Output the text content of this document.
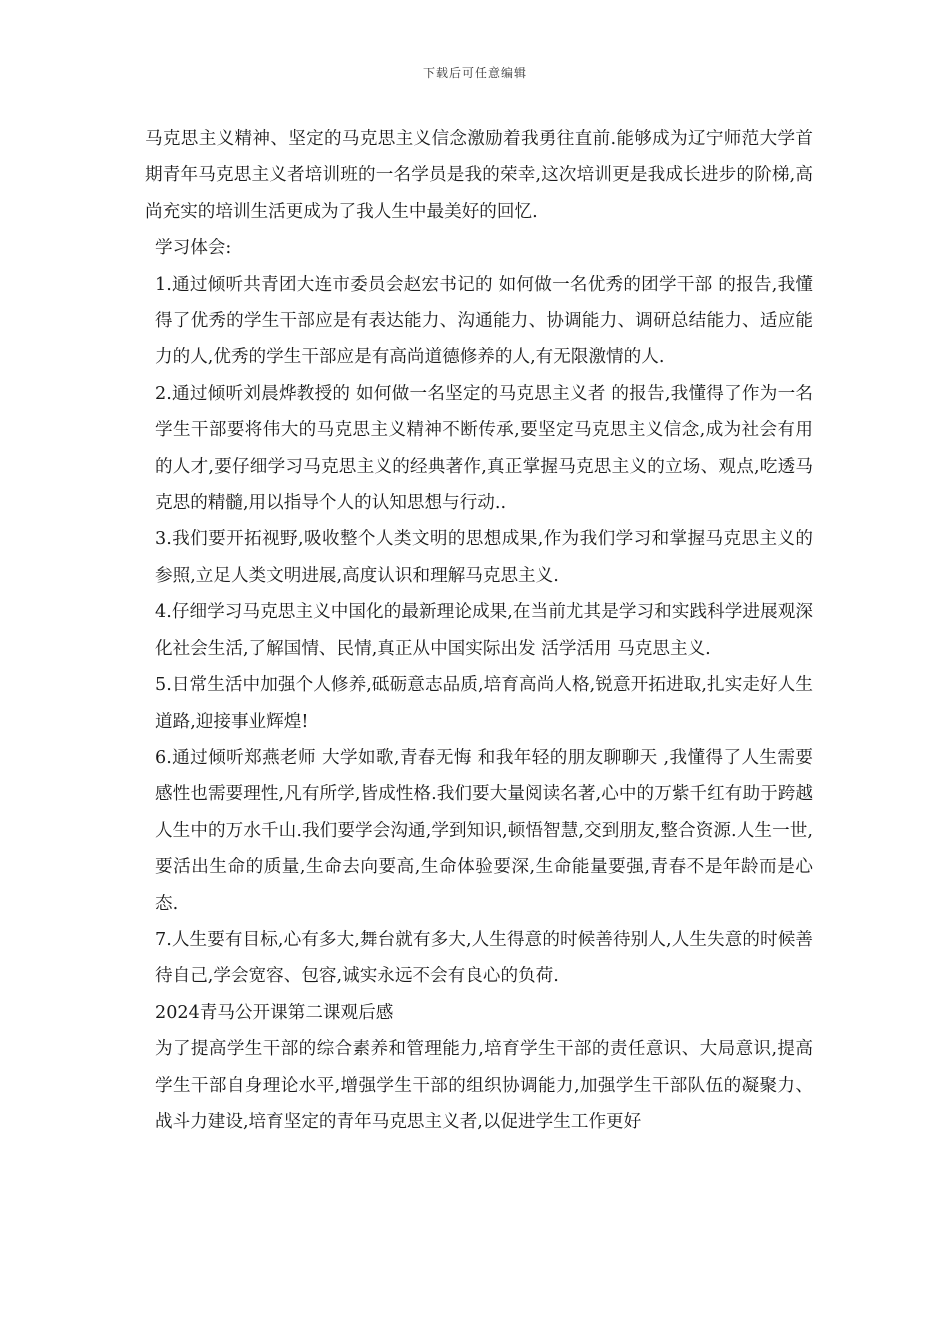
下载后可任意编辑

马克思主义精神、坚定的马克思主义信念激励着我勇往直前.能够成为辽宁师范大学首期青年马克思主义者培训班的一名学员是我的荣幸,这次培训更是我成长进步的阶梯,高尚充实的培训生活更成为了我人生中最美好的回忆.

学习体会:

1.通过倾听共青团大连市委员会赵宏书记的 如何做一名优秀的团学干部 的报告,我懂得了优秀的学生干部应是有表达能力、沟通能力、协调能力、调研总结能力、适应能力的人,优秀的学生干部应是有高尚道德修养的人,有无限激情的人.

2.通过倾听刘晨烨教授的 如何做一名坚定的马克思主义者 的报告,我懂得了作为一名学生干部要将伟大的马克思主义精神不断传承,要坚定马克思主义信念,成为社会有用的人才,要仔细学习马克思主义的经典著作,真正掌握马克思主义的立场、观点,吃透马克思的精髓,用以指导个人的认知思想与行动..

3.我们要开拓视野,吸收整个人类文明的思想成果,作为我们学习和掌握马克思主义的参照,立足人类文明进展,高度认识和理解马克思主义.

4.仔细学习马克思主义中国化的最新理论成果,在当前尤其是学习和实践科学进展观深化社会生活,了解国情、民情,真正从中国实际出发 活学活用 马克思主义.

5.日常生活中加强个人修养,砥砺意志品质,培育高尚人格,锐意开拓进取,扎实走好人生道路,迎接事业辉煌!

6.通过倾听郑燕老师 大学如歌,青春无悔 和我年轻的朋友聊聊天 ,我懂得了人生需要感性也需要理性,凡有所学,皆成性格.我们要大量阅读名著,心中的万紫千红有助于跨越人生中的万水千山.我们要学会沟通,学到知识,顿悟智慧,交到朋友,整合资源.人生一世,要活出生命的质量,生命去向要高,生命体验要深,生命能量要强,青春不是年龄而是心态.

7.人生要有目标,心有多大,舞台就有多大,人生得意的时候善待别人,人生失意的时候善待自己,学会宽容、包容,诚实永远不会有良心的负荷.

2024青马公开课第二课观后感

为了提高学生干部的综合素养和管理能力,培育学生干部的责任意识、大局意识,提高学生干部自身理论水平,增强学生干部的组织协调能力,加强学生干部队伍的凝聚力、战斗力建设,培育坚定的青年马克思主义者,以促进学生工作更好
